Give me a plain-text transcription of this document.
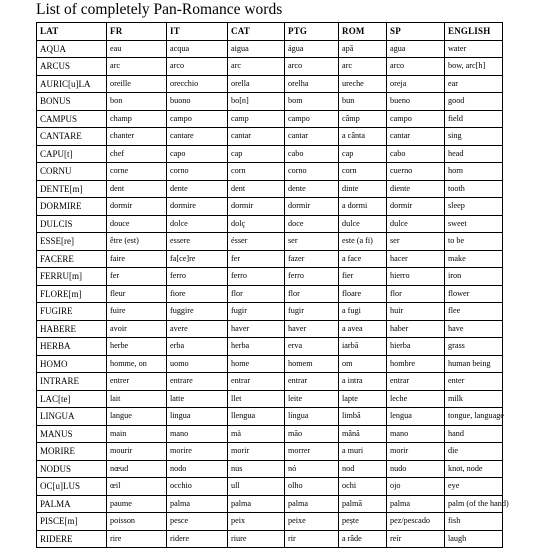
List of completely Pan-Romance words
LAT	FR	IT	CAT	PTG	ROM	SP	ENGLISH
AQUA	eau	acqua	aigua	água	apă	agua	water
ARCUS	arc	arco	arc	arco	arc	arco	bow, arc[h]
AURIC[u]LA	oreille	orecchio	orella	orelha	ureche	oreja	ear
BONUS	bon	buono	bo[n]	bom	bun	bueno	good
CAMPUS	champ	campo	camp	campo	câmp	campo	field
CANTARE	chanter	cantare	cantar	cantar	a cânta	cantar	sing
CAPU[t]	chef	capo	cap	cabo	cap	cabo	head
CORNU	corne	corno	corn	corno	corn	cuerno	horn
DENTE[m]	dent	dente	dent	dente	dinte	diente	tooth
DORMIRE	dormir	dormire	dormir	dormir	a dormi	dormir	sleep
DULCIS	douce	dolce	dolç	doce	dulce	dulce	sweet
ESSE[re]	être (est)	essere	ésser	ser	este (a fi)	ser	to be
FACERE	faire	fa[ce]re	fer	fazer	a face	hacer	make
FERRU[m]	fer	ferro	ferro	ferro	fier	hierro	iron
FLORE[m]	fleur	fiore	flor	flor	floare	flor	flower
FUGIRE	fuire	fuggire	fugir	fugir	a fugi	huir	flee
HABERE	avoir	avere	haver	haver	a avea	haber	have
HERBA	herbe	erba	herba	erva	iarbă	hierba	grass
HOMO	homme, on	uomo	home	homem	om	hombre	human being
INTRARE	entrer	entrare	entrar	entrar	a intra	entrar	enter
LAC[te]	lait	latte	llet	leite	lapte	leche	milk
LINGUA	langue	lingua	llengua	língua	limbă	lengua	tongue, language
MANUS	main	mano	mà	mão	mână	mano	hand
MORIRE	mourir	morire	morir	morrer	a muri	morir	die
NODUS	nœud	nodo	nus	nó	nod	nudo	knot, node
OC[u]LUS	œil	occhio	ull	olho	ochi	ojo	eye
PALMA	paume	palma	palma	palma	palmă	palma	palm (of the hand)
PISCE[m]	poisson	pesce	peix	peixe	pește	pez/pescado	fish
RIDERE	rire	ridere	riure	rir	a râde	reír	laugh
